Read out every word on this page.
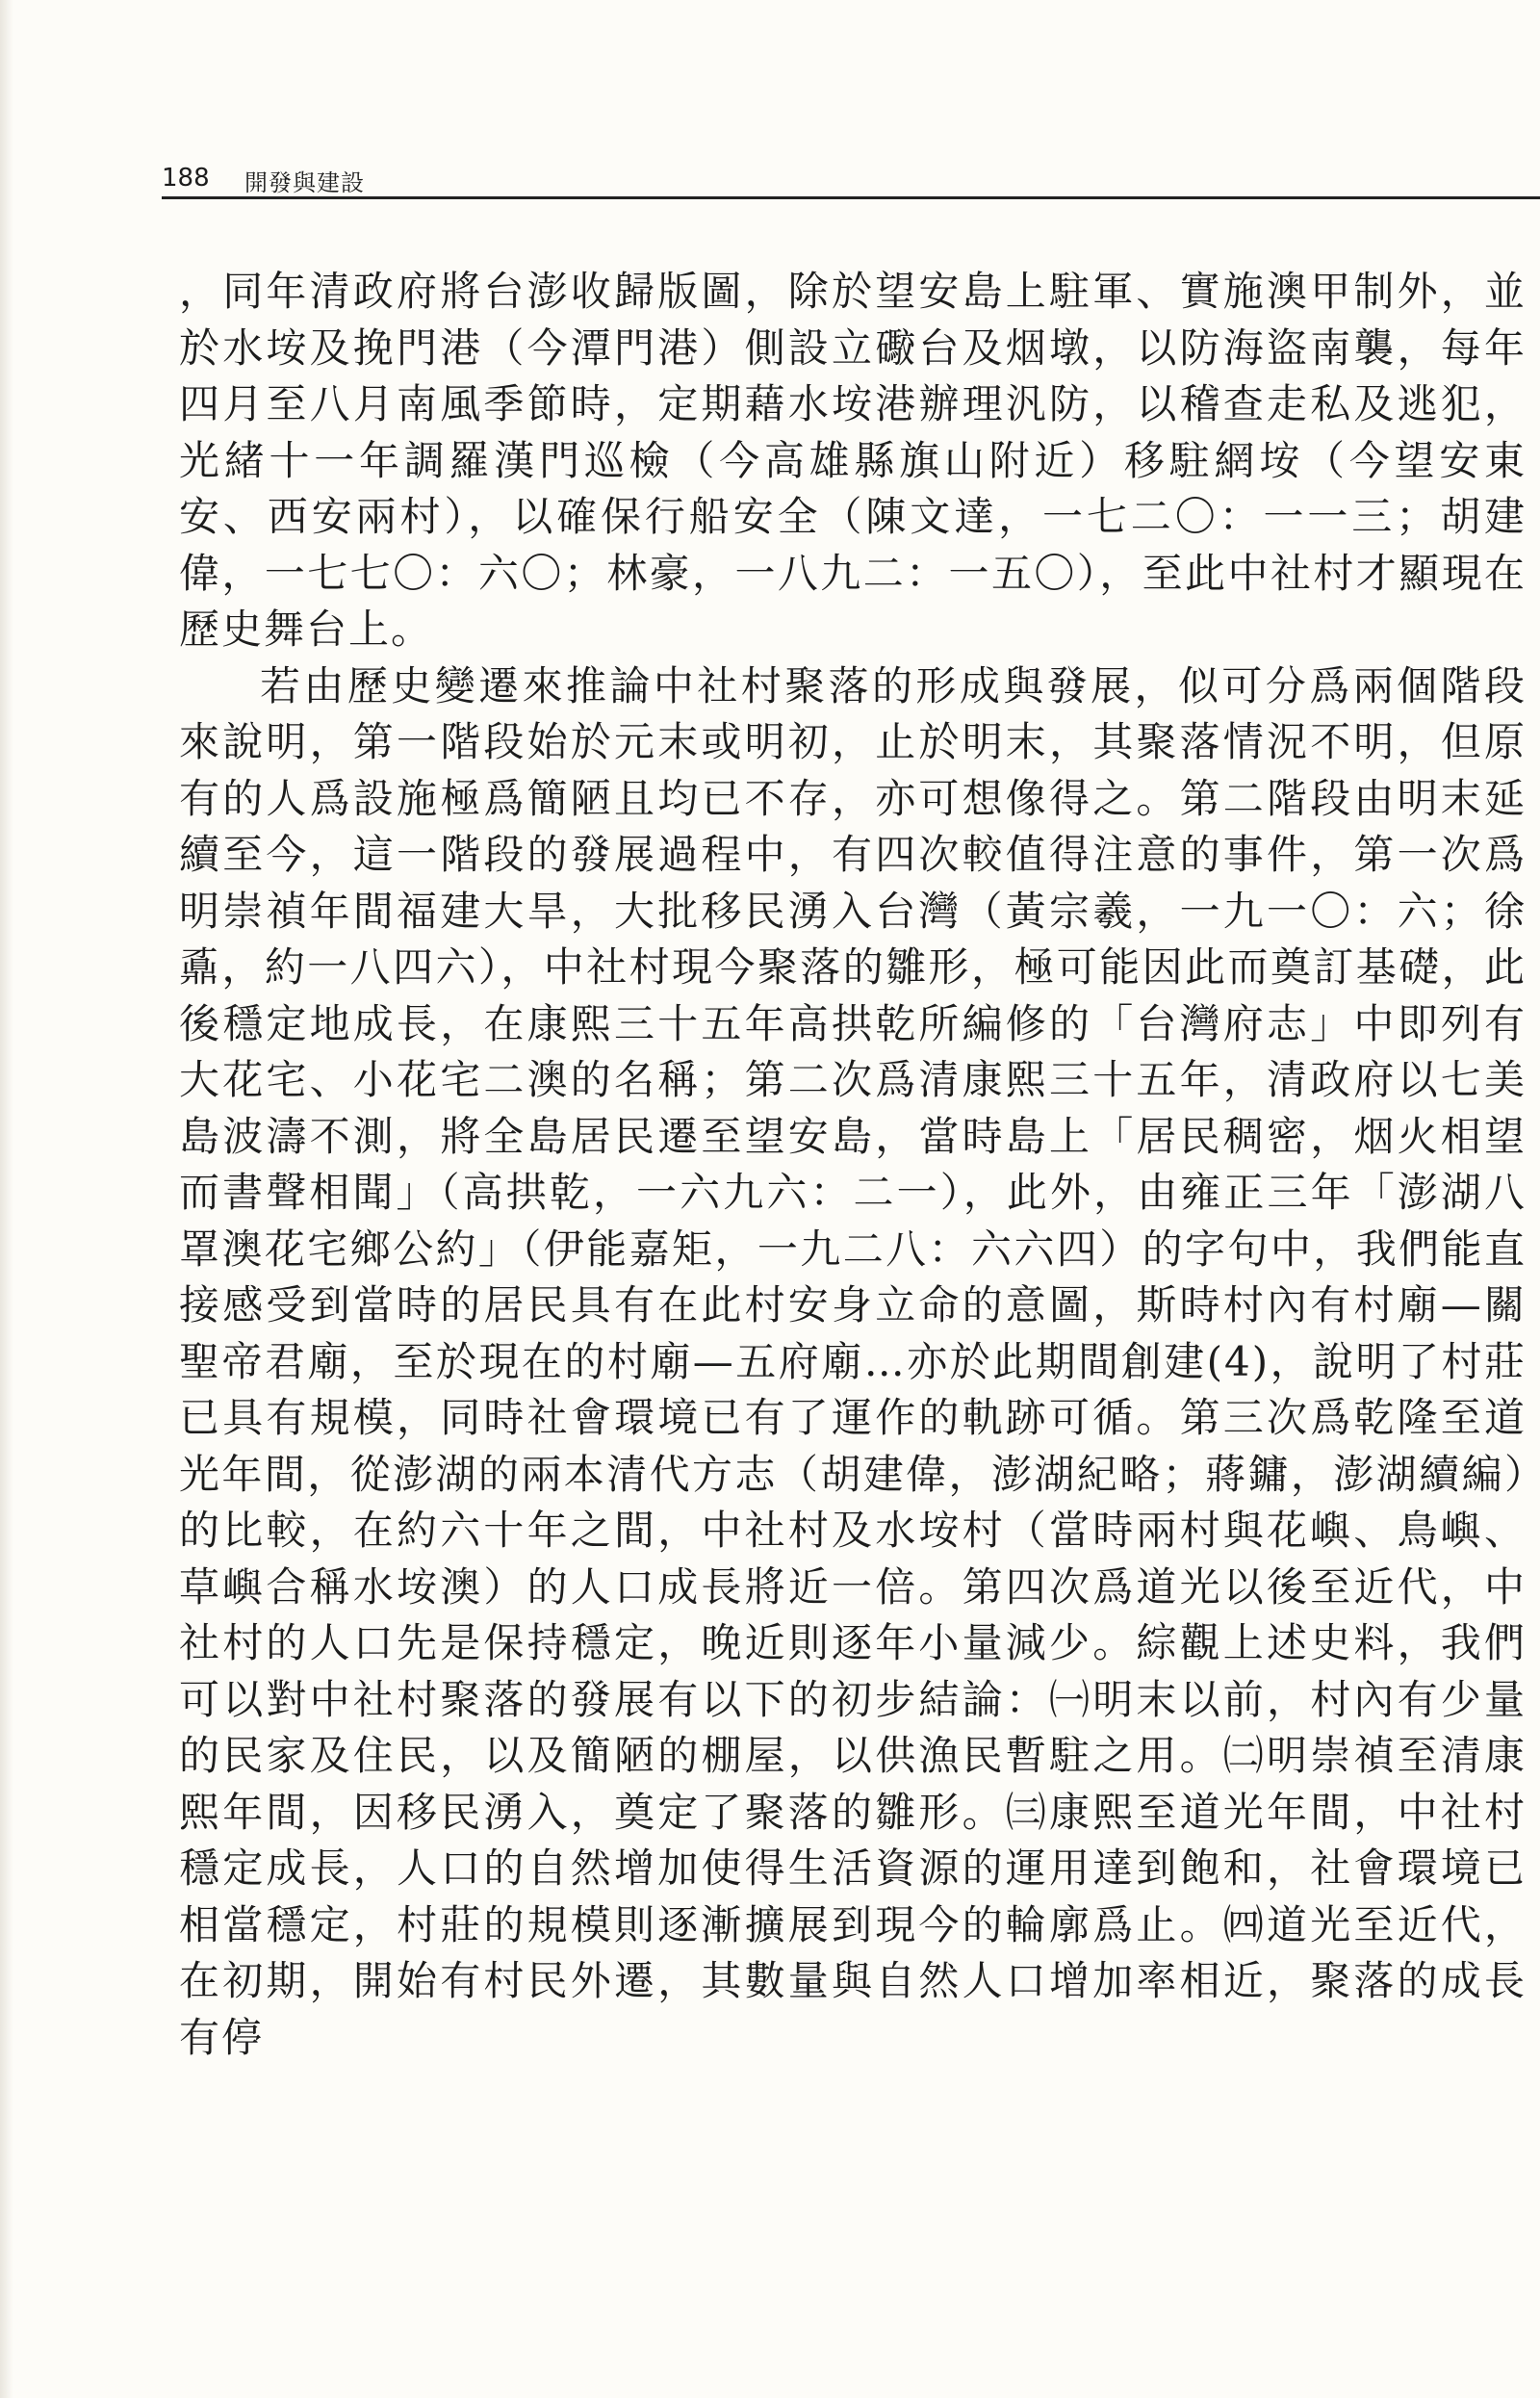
188 開發與建設

，同年清政府將台澎收歸版圖，除於望安島上駐軍、實施澳甲制外，並於水垵及挽門港（今潭門港）側設立礮台及烟墩，以防海盜南襲，每年四月至八月南風季節時，定期藉水垵港辦理汎防，以稽查走私及逃犯，光緒十一年調羅漢門巡檢（今高雄縣旗山附近）移駐網垵（今望安東安、西安兩村），以確保行船安全（陳文達，一七二〇：一一三；胡建偉，一七七〇：六〇；林豪，一八九二：一五〇），至此中社村才顯現在歷史舞台上。

若由歷史變遷來推論中社村聚落的形成與發展，似可分爲兩個階段來說明，第一階段始於元末或明初，止於明末，其聚落情況不明，但原有的人爲設施極爲簡陋且均已不存，亦可想像得之。第二階段由明末延續至今，這一階段的發展過程中，有四次較值得注意的事件，第一次爲明崇禎年間福建大旱，大批移民湧入台灣（黃宗羲，一九一〇：六；徐鼒，約一八四六），中社村現今聚落的雛形，極可能因此而奠訂基礎，此後穩定地成長，在康熙三十五年高拱乾所編修的「台灣府志」中即列有大花宅、小花宅二澳的名稱；第二次爲清康熙三十五年，清政府以七美島波濤不測，將全島居民遷至望安島，當時島上「居民稠密，烟火相望而書聲相聞」（高拱乾，一六九六：二一），此外，由雍正三年「澎湖八罩澳花宅鄉公約」（伊能嘉矩，一九二八：六六四）的字句中，我們能直接感受到當時的居民具有在此村安身立命的意圖，斯時村內有村廟—關聖帝君廟，至於現在的村廟—五府廟…亦於此期間創建(4)，說明了村莊已具有規模，同時社會環境已有了運作的軌跡可循。第三次爲乾隆至道光年間，從澎湖的兩本清代方志（胡建偉，澎湖紀略；蔣鏞，澎湖續編）的比較，在約六十年之間，中社村及水垵村（當時兩村與花嶼、鳥嶼、草嶼合稱水垵澳）的人口成長將近一倍。第四次爲道光以後至近代，中社村的人口先是保持穩定，晚近則逐年小量減少。綜觀上述史料，我們可以對中社村聚落的發展有以下的初步結論：㈠明末以前，村內有少量的民家及住民，以及簡陋的棚屋，以供漁民暫駐之用。㈡明崇禎至清康熙年間，因移民湧入，奠定了聚落的雛形。㈢康熙至道光年間，中社村穩定成長，人口的自然增加使得生活資源的運用達到飽和，社會環境已相當穩定，村莊的規模則逐漸擴展到現今的輪廓爲止。㈣道光至近代，在初期，開始有村民外遷，其數量與自然人口增加率相近，聚落的成長有停
